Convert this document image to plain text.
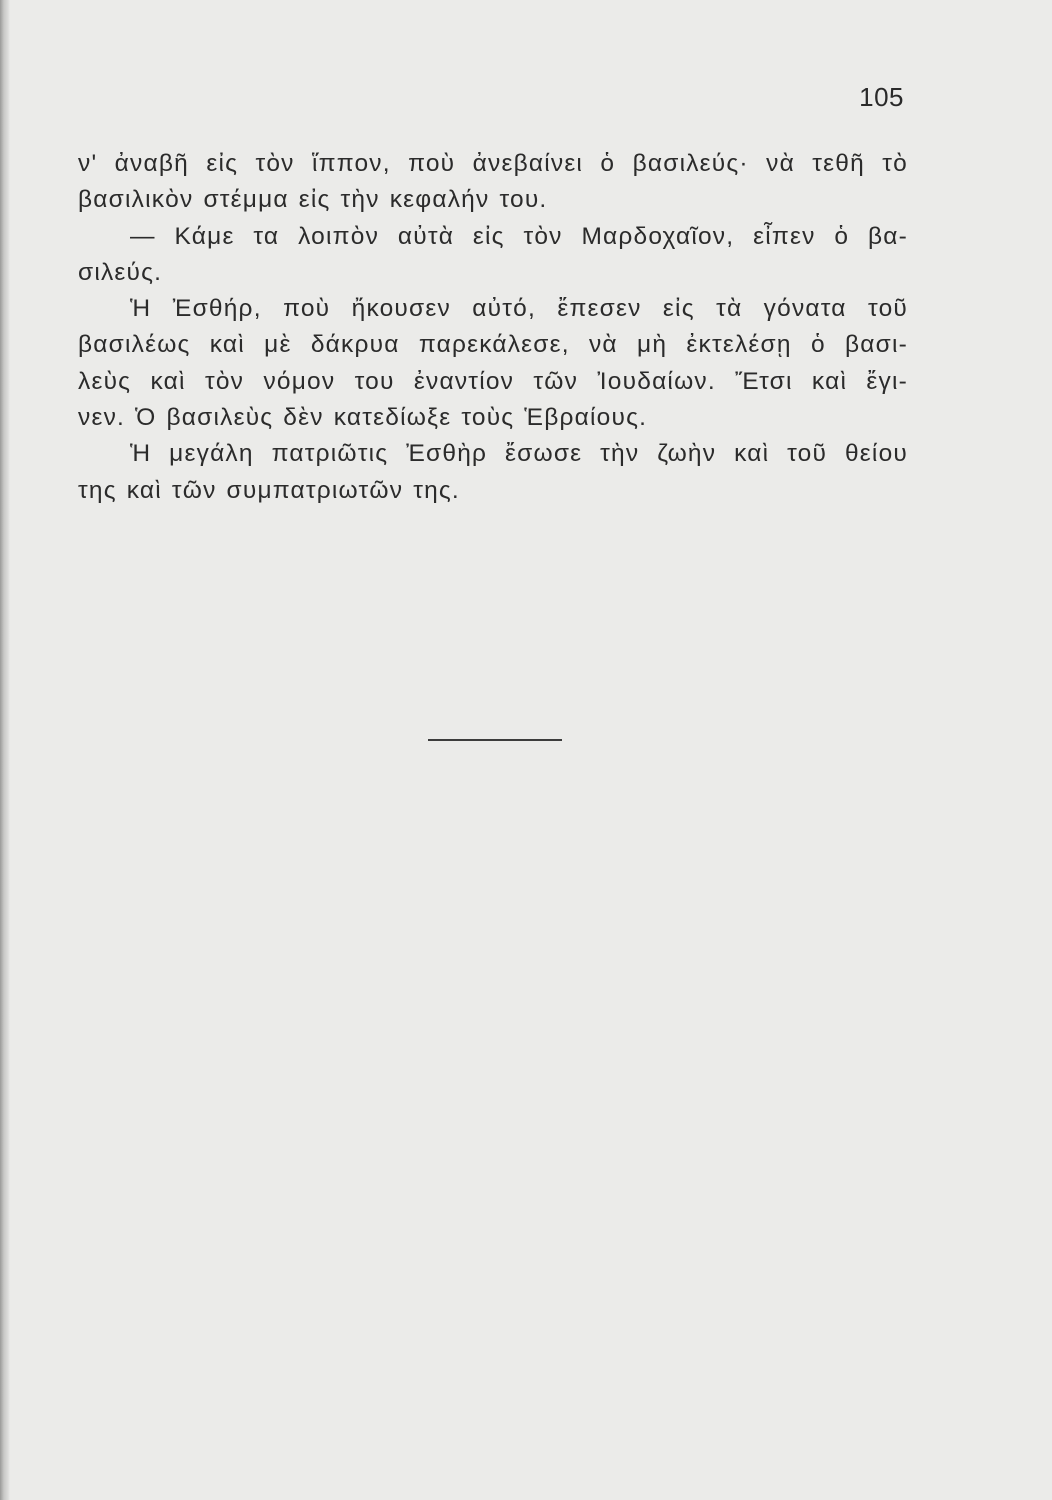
105
ν' ἀναβῆ εἰς τὸν ἵππον, ποὺ ἀνεβαίνει ὁ βασιλεύς· νὰ τεθῆ τὸ
βασιλικὸν στέμμα εἰς τὴν κεφαλήν του.
— Κάμε τα λοιπὸν αὐτὰ εἰς τὸν Μαρδοχαῖον, εἶπεν ὁ βα-
σιλεύς.
Ἡ Ἐσθήρ, ποὺ ἤκουσεν αὐτό, ἔπεσεν εἰς τὰ γόνατα τοῦ
βασιλέως καὶ μὲ δάκρυα παρεκάλεσε, νὰ μὴ ἐκτελέσῃ ὁ βασι-
λεὺς καὶ τὸν νόμον του ἐναντίον τῶν Ἰουδαίων. Ἔτσι καὶ ἔγι-
νεν. Ὁ βασιλεὺς δὲν κατεδίωξε τοὺς Ἑβραίους.
Ἡ μεγάλη πατριῶτις Ἐσθὴρ ἔσωσε τὴν ζωὴν καὶ τοῦ θείου
της καὶ τῶν συμπατριωτῶν της.
